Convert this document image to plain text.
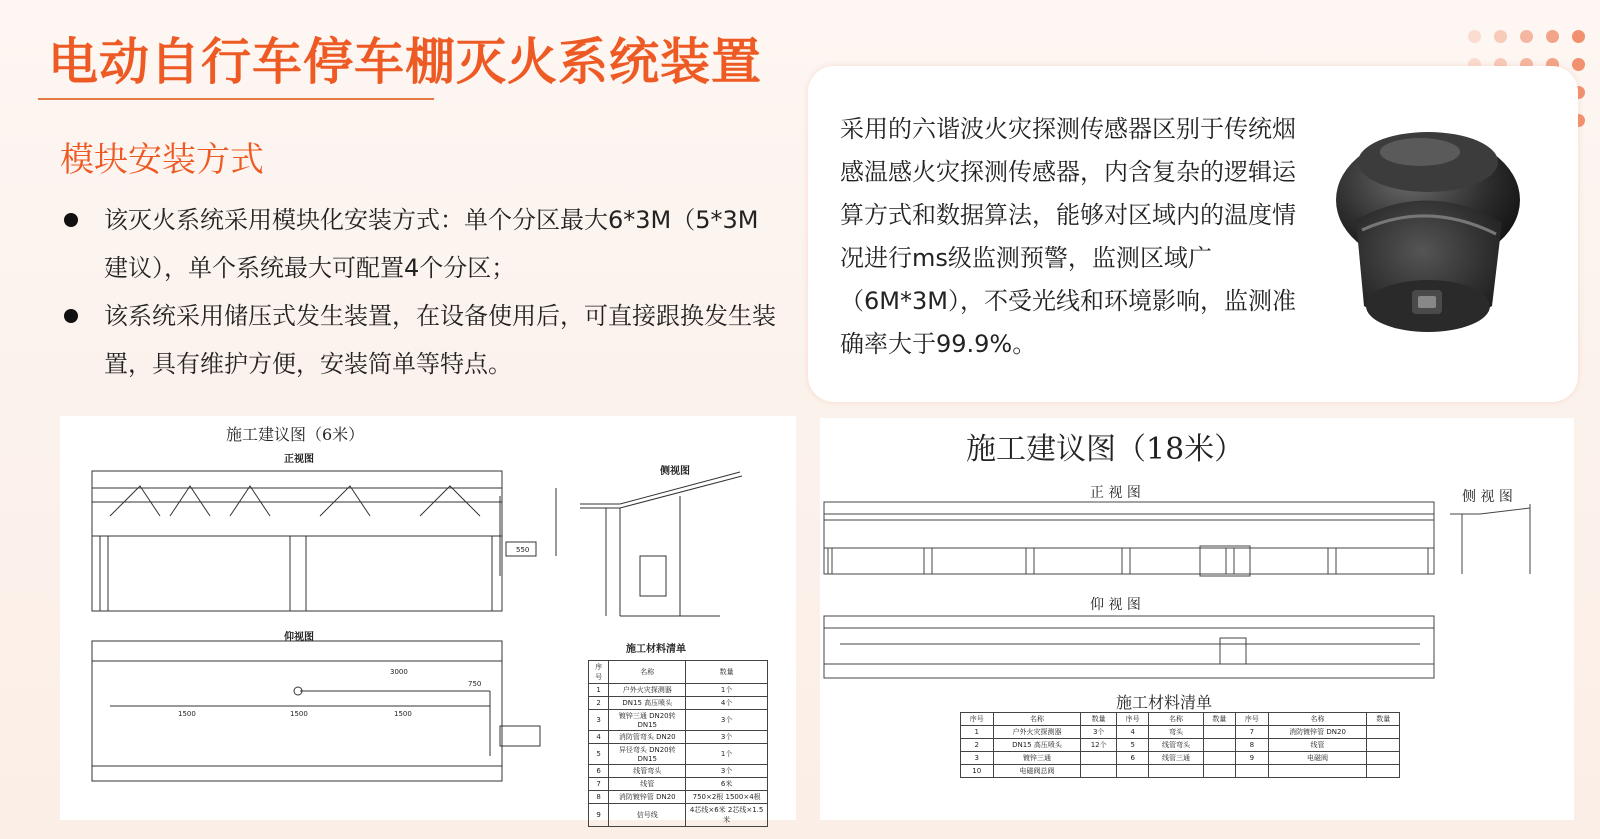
电动自行车停车棚灭火系统装置
模块安装方式
该灭火系统采用模块化安装方式：单个分区最大6*3M（5*3M建议），单个系统最大可配置4个分区；
该系统采用储压式发生装置，在设备使用后，可直接跟换发生装置，具有维护方便，安装简单等特点。
采用的六谐波火灾探测传感器区别于传统烟感温感火灾探测传感器，内含复杂的逻辑运算方式和数据算法，能够对区域内的温度情况进行ms级监测预警，监测区域广（6M*3M），不受光线和环境影响，监测准确率大于99.9%。
施工建议图（6米）
正视图
侧视图
仰视图
施工材料清单
1500	1500	1500
3000
750
550
序号	名称	数量
1	户外火灾探测器	1个
2	DN15 高压喷头	4个
3	镀锌三通 DN20转DN15	3个
4	消防管弯头 DN20	3个
5	异径弯头 DN20转DN15	1个
6	线管弯头	3个
7	线管	6米
8	消防镀锌管 DN20	750×2根 1500×4根
9	信号线	4芯线×6米 2芯线×1.5米
施工建议图（18米）
正 视 图	侧 视 图
仰 视 图
施工材料清单
序号	名称	数量	序号	名称	数量	序号	名称	数量
1	户外火灾探测器	3个	4	弯头		7	消防镀锌管 DN20	
2	DN15 高压喷头	12个	5	线管弯头		8	线管	
3	镀锌三通		6	线管三通		9	电磁阀	
10	电磁阀总阀							
